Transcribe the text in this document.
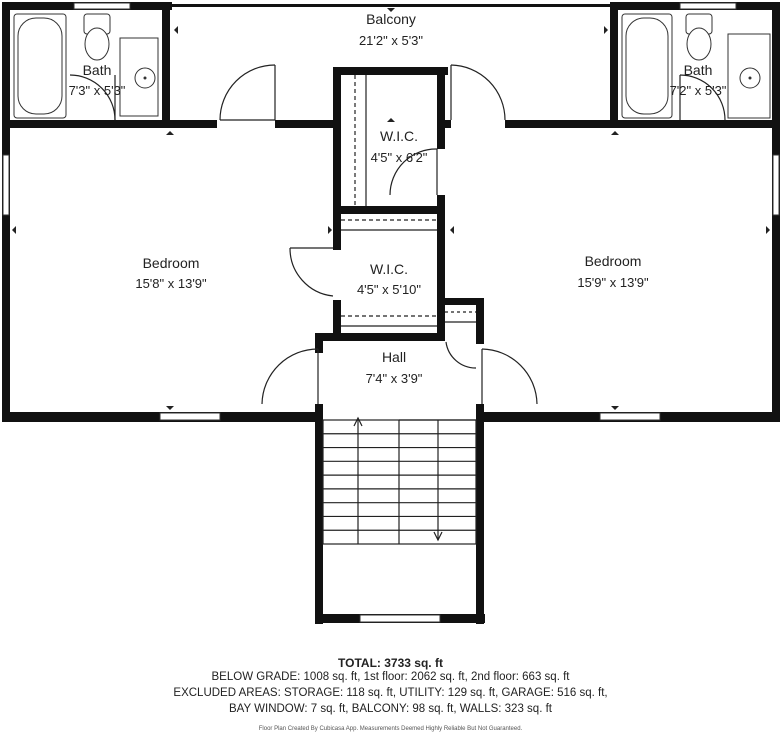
Balcony
21'2" x 5'3"
Bath
7'3" x 5'3"
Bath
7'2" x 5'3"
W.I.C.
4'5" x 6'2"
W.I.C.
4'5" x 5'10"
Bedroom
15'8" x 13'9"
Bedroom
15'9" x 13'9"
Hall
7'4" x 3'9"
TOTAL: 3733 sq. ft
BELOW GRADE: 1008 sq. ft, 1st floor: 2062 sq. ft, 2nd floor: 663 sq. ft
EXCLUDED AREAS: STORAGE: 118 sq. ft, UTILITY: 129 sq. ft, GARAGE: 516 sq. ft,
BAY WINDOW: 7 sq. ft, BALCONY: 98 sq. ft, WALLS: 323 sq. ft
Floor Plan Created By Cubicasa App. Measurements Deemed Highly Reliable But Not Guaranteed.
